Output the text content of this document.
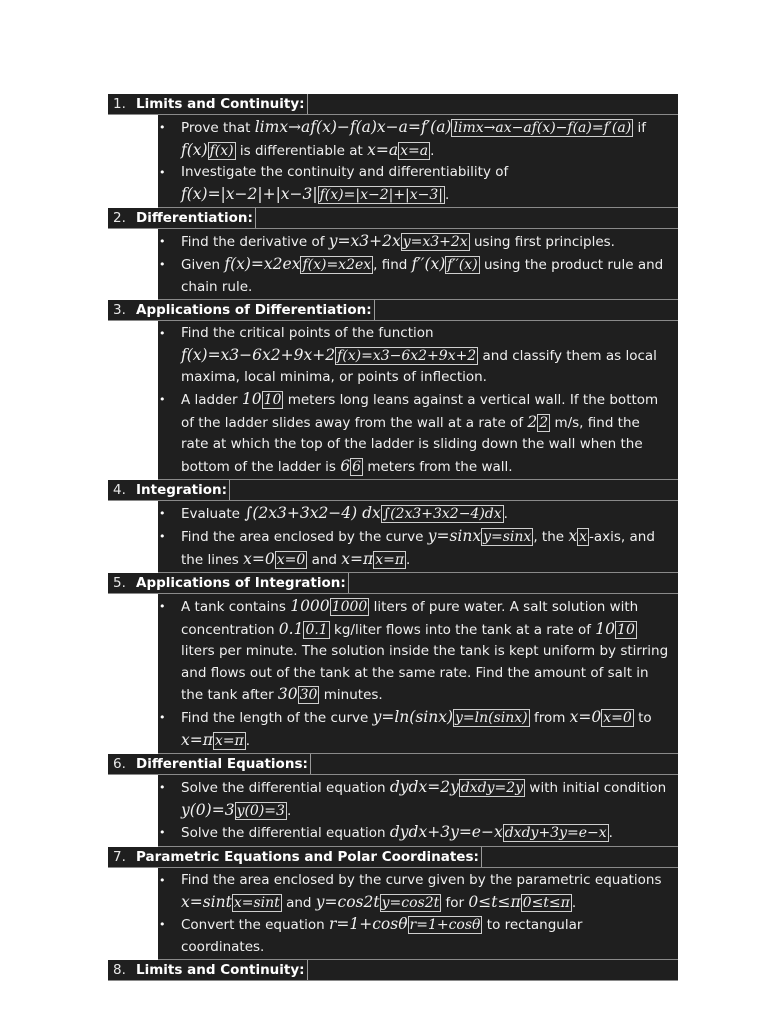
1. Limits and Continuity:
• Prove that limx→af(x)−f(a)x−a=f′(a) limx→ax−af(x)−f(a)=f′(a) if f(x) f(x) is differentiable at x=a x=a .
• Investigate the continuity and differentiability of f(x)=|x−2|+|x−3| f(x)=|x−2|+|x−3| .
2. Differentiation:
• Find the derivative of y=x3+2x y=x3+2x using first principles.
• Given f(x)=x2ex f(x)=x2ex , find f′′(x) f′′(x) using the product rule and chain rule.
3. Applications of Differentiation:
• Find the critical points of the function f(x)=x3−6x2+9x+2 f(x)=x3−6x2+9x+2 and classify them as local maxima, local minima, or points of inflection.
• A ladder 10 10 meters long leans against a vertical wall. If the bottom of the ladder slides away from the wall at a rate of 2 2 m/s, find the rate at which the top of the ladder is sliding down the wall when the bottom of the ladder is 6 6 meters from the wall.
4. Integration:
• Evaluate ∫(2x3+3x2−4) dx ∫(2x3+3x2−4)dx .
• Find the area enclosed by the curve y=sinx y=sinx , the x x -axis, and the lines x=0 x=0 and x=π x=π .
5. Applications of Integration:
• A tank contains 1000 1000 liters of pure water. A salt solution with concentration 0.1 0.1 kg/liter flows into the tank at a rate of 10 10 liters per minute. The solution inside the tank is kept uniform by stirring and flows out of the tank at the same rate. Find the amount of salt in the tank after 30 30 minutes.
• Find the length of the curve y=ln(sinx) y=ln(sinx) from x=0 x=0 to x=π x=π .
6. Differential Equations:
• Solve the differential equation dydx=2y dxdy=2y with initial condition y(0)=3 y(0)=3 .
• Solve the differential equation dydx+3y=e−x dxdy+3y=e−x .
7. Parametric Equations and Polar Coordinates:
• Find the area enclosed by the curve given by the parametric equations x=sint x=sint and y=cos2t y=cos2t for 0≤t≤π 0≤t≤π .
• Convert the equation r=1+cosθ r=1+cosθ to rectangular coordinates.
8. Limits and Continuity:
